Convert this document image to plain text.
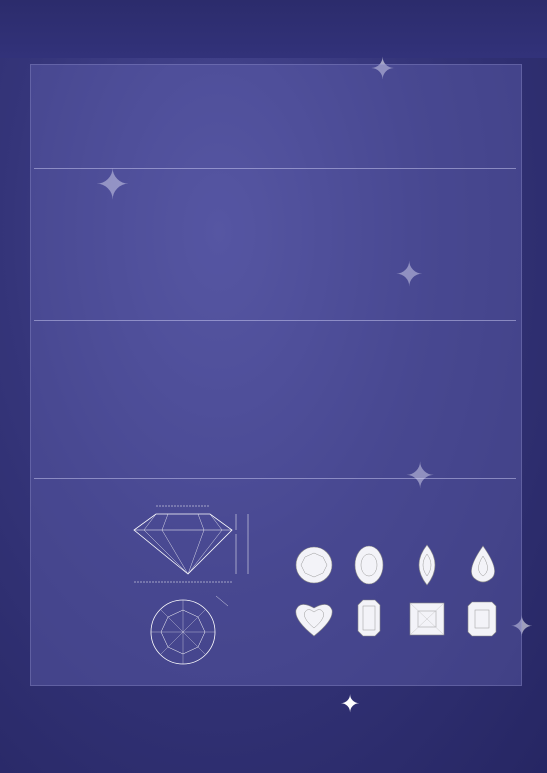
✦
✦
✦
✦
✦
✦
